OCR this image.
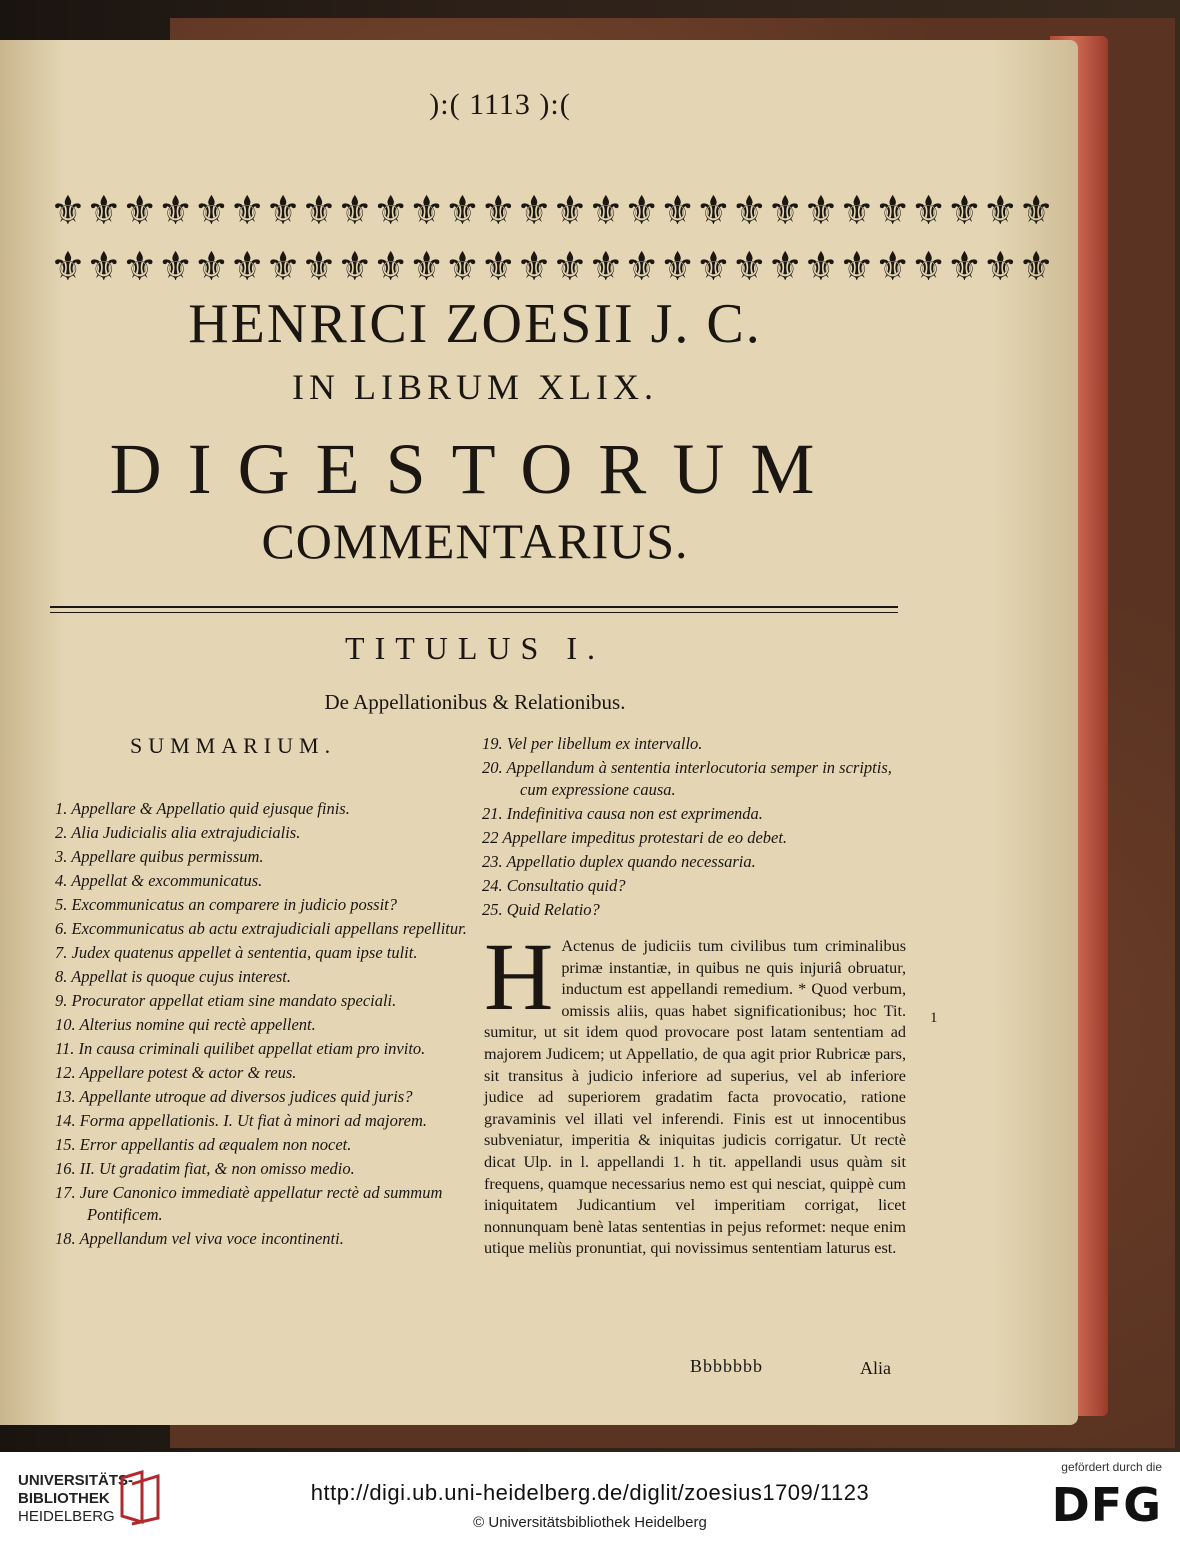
):( 1113 ):(
⚜ ⚜ ⚜ ⚜ ⚜ ⚜ ⚜ ⚜ ⚜ ⚜ ⚜ ⚜ ⚜ ⚜ ⚜ ⚜ ⚜ ⚜ ⚜ ⚜ ⚜ ⚜ ⚜ ⚜ ⚜ ⚜ ⚜ ⚜
⚜ ⚜ ⚜ ⚜ ⚜ ⚜ ⚜ ⚜ ⚜ ⚜ ⚜ ⚜ ⚜ ⚜ ⚜ ⚜ ⚜ ⚜ ⚜ ⚜ ⚜ ⚜ ⚜ ⚜ ⚜ ⚜ ⚜ ⚜
HENRICI ZOESII J. C.
IN LIBRUM XLIX.
DIGESTORUM
COMMENTARIUS.
TITULUS I.
De Appellationibus & Relationibus.
SUMMARIUM.
1. Appellare & Appellatio quid ejusque finis.
2. Alia Judicialis alia extrajudicialis.
3. Appellare quibus permissum.
4. Appellat & excommunicatus.
5. Excommunicatus an comparere in judicio possit?
6. Excommunicatus ab actu extrajudiciali appellans repellitur.
7. Judex quatenus appellet à sententia, quam ipse tulit.
8. Appellat is quoque cujus interest.
9. Procurator appellat etiam sine mandato speciali.
10. Alterius nomine qui rectè appellent.
11. In causa criminali quilibet appellat etiam pro invito.
12. Appellare potest & actor & reus.
13. Appellante utroque ad diversos judices quid juris?
14. Forma appellationis. I. Ut fiat à minori ad majorem.
15. Error appellantis ad æqualem non nocet.
16. II. Ut gradatim fiat, & non omisso medio.
17. Jure Canonico immediatè appellatur rectè ad summum Pontificem.
18. Appellandum vel viva voce incontinenti.
19. Vel per libellum ex intervallo.
20. Appellandum à sententia interlocutoria semper in scriptis, cum expressione causa.
21. Indefinitiva causa non est exprimenda.
22 Appellare impeditus protestari de eo debet.
23. Appellatio duplex quando necessaria.
24. Consultatio quid?
25. Quid Relatio?
H Actenus de judiciis tum civilibus tum criminalibus primæ instantiæ, in quibus ne quis injuriâ obruatur, inductum est appellandi remedium. * Quod verbum, omissis aliis, quas habet significationibus; hoc Tit. sumitur, ut sit idem quod provocare post latam sententiam ad majorem Judicem; ut Appellatio, de qua agit prior Rubricæ pars, sit transitus à judicio inferiore ad superius, vel ab inferiore judice ad superiorem gradatim facta provocatio, ratione gravaminis vel illati vel inferendi. Finis est ut innocentibus subveniatur, imperitia & iniquitas judicis corrigatur. Ut rectè dicat Ulp. in l. appellandi 1. h tit. appellandi usus quàm sit frequens, quamque necessarius nemo est qui nesciat, quippè cum iniquitatem Judicantium vel imperitiam corrigat, licet nonnunquam benè latas sententias in pejus reformet: neque enim utique meliùs pronuntiat, qui novissimus sententiam laturus est.
1
Bbbbbbb	Alia
UNIVERSITÄTS-
BIBLIOTHEK
HEIDELBERG
http://digi.ub.uni-heidelberg.de/diglit/zoesius1709/1123
© Universitätsbibliothek Heidelberg
gefördert durch die
DFG
